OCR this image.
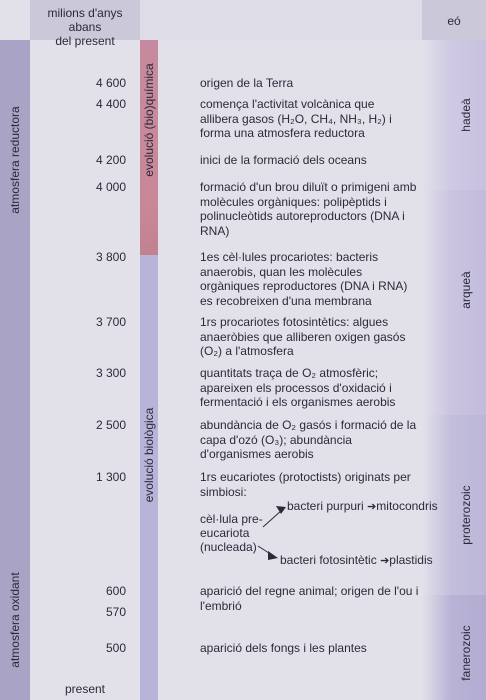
milions d'anys abans
del present
eó
atmosfera reductora
atmosfera oxidant
evolució (bio)química
evolució biològica
hadeà
arqueà
proterozoic
fanerozoic
4 600	origen de la Terra
4 400	comença l'activitat volcànica que allibera gasos (H₂O, CH₄, NH₃, H₂) i forma una atmosfera reductora
4 200	inici de la formació dels oceans
4 000	formació d'un brou diluït o primigeni amb molècules orgàniques: polipèptids i polinucleòtids autoreproductors (DNA i RNA)
3 800	1es cèl·lules procariotes: bacteris anaerobis, quan les molècules orgàniques reproductores (DNA i RNA) es recobreixen d'una membrana
3 700	1rs procariotes fotosintètics: algues anaeròbies que alliberen oxigen gasós (O₂) a l'atmosfera
3 300	quantitats traça de O₂ atmosfèric; apareixen els processos d'oxidació i fermentació i els organismes aerobis
2 500	abundància de O₂ gasós i formació de la capa d'ozó (O₃); abundància d'organismes aerobis
1 300	1rs eucariotes (protoctists) originats per simbiosi:
cèl·lula pre-eucariota (nucleada)
bacteri purpuri ➔mitocondris
bacteri fotosintètic ➔plastidis
600	aparició del regne animal; origen de l'ou i l'embrió
570
500	aparició dels fongs i les plantes
present
